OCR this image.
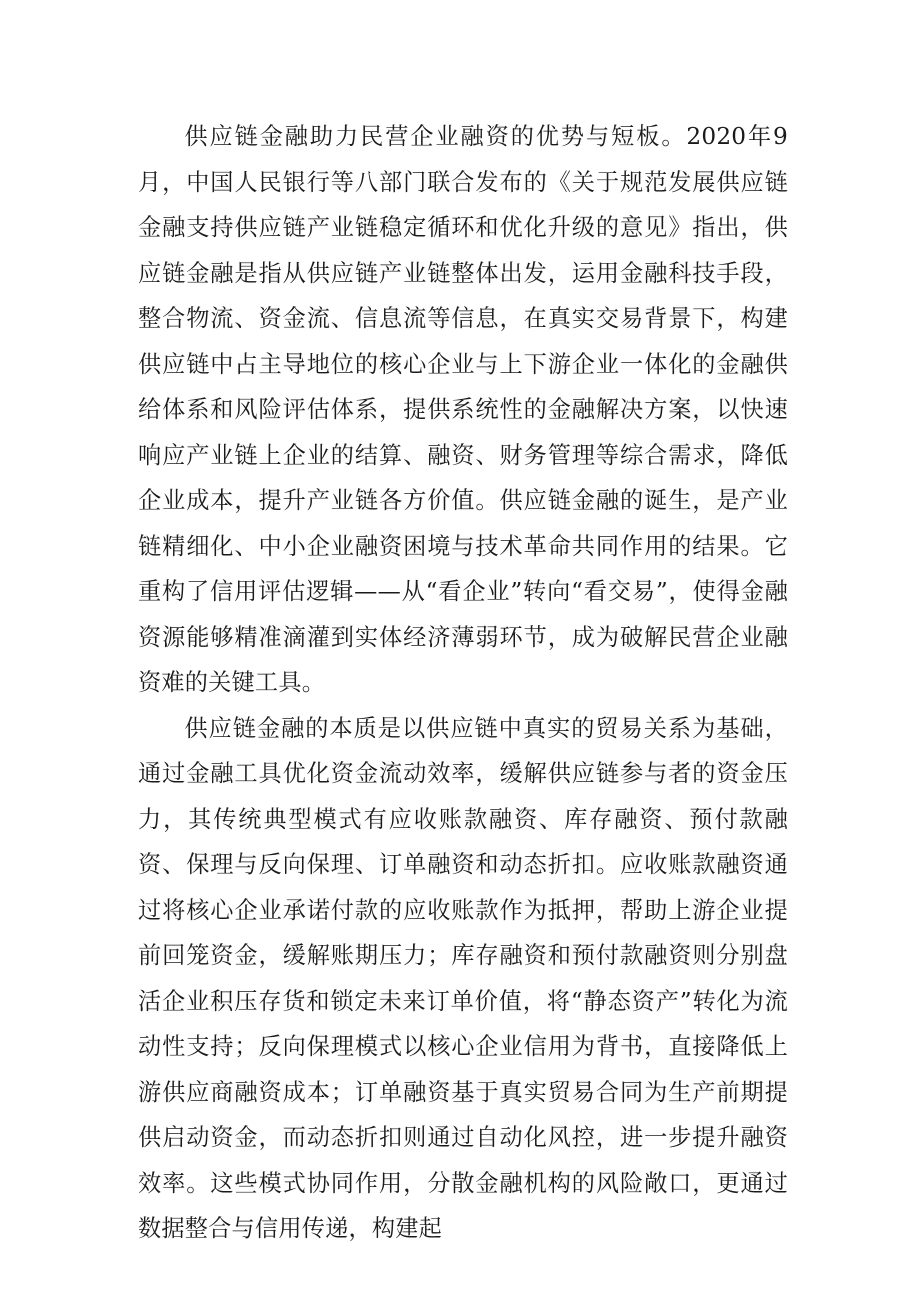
供应链金融助力民营企业融资的优势与短板。2020年9月，中国人民银行等八部门联合发布的《关于规范发展供应链金融支持供应链产业链稳定循环和优化升级的意见》指出，供应链金融是指从供应链产业链整体出发，运用金融科技手段，整合物流、资金流、信息流等信息，在真实交易背景下，构建供应链中占主导地位的核心企业与上下游企业一体化的金融供给体系和风险评估体系，提供系统性的金融解决方案，以快速响应产业链上企业的结算、融资、财务管理等综合需求，降低企业成本，提升产业链各方价值。供应链金融的诞生，是产业链精细化、中小企业融资困境与技术革命共同作用的结果。它重构了信用评估逻辑——从“看企业”转向“看交易”，使得金融资源能够精准滴灌到实体经济薄弱环节，成为破解民营企业融资难的关键工具。

供应链金融的本质是以供应链中真实的贸易关系为基础，通过金融工具优化资金流动效率，缓解供应链参与者的资金压力，其传统典型模式有应收账款融资、库存融资、预付款融资、保理与反向保理、订单融资和动态折扣。应收账款融资通过将核心企业承诺付款的应收账款作为抵押，帮助上游企业提前回笼资金，缓解账期压力；库存融资和预付款融资则分别盘活企业积压存货和锁定未来订单价值，将“静态资产”转化为流动性支持；反向保理模式以核心企业信用为背书，直接降低上游供应商融资成本；订单融资基于真实贸易合同为生产前期提供启动资金，而动态折扣则通过自动化风控，进一步提升融资效率。这些模式协同作用，分散金融机构的风险敞口，更通过数据整合与信用传递，构建起
